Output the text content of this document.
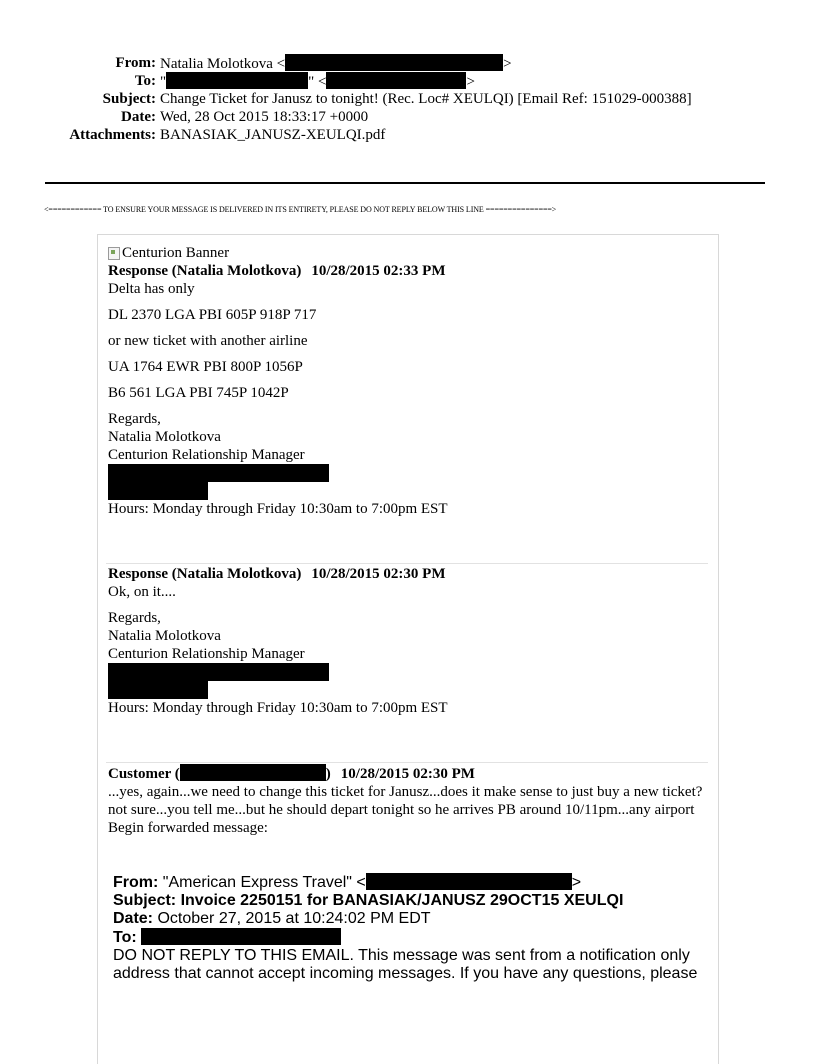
From: Natalia Molotkova <	>
To: "	" <	>
Subject: Change Ticket for Janusz to tonight! (Rec. Loc# XEULQI) [Email Ref: 151029-000388]
Date: Wed, 28 Oct 2015 18:33:17 +0000
Attachments: BANASIAK_JANUSZ-XEULQI.pdf
<============ TO ENSURE YOUR MESSAGE IS DELIVERED IN ITS ENTIRETY, PLEASE DO NOT REPLY BELOW THIS LINE ===============>
Centurion Banner
Response (Natalia Molotkova) 10/28/2015 02:33 PM

Delta has only

DL 2370 LGA PBI 605P 918P 717

or new ticket with another airline

UA 1764 EWR PBI 800P 1056P

B6 561 LGA PBI 745P 1042P

Regards,
Natalia Molotkova
Centurion Relationship Manager
Hours: Monday through Friday 10:30am to 7:00pm EST
Response (Natalia Molotkova) 10/28/2015 02:30 PM

Ok, on it....

Regards,
Natalia Molotkova
Centurion Relationship Manager
Hours: Monday through Friday 10:30am to 7:00pm EST
Customer (	) 10/28/2015 02:30 PM

...yes, again...we need to change this ticket for Janusz...does it make sense to just buy a new ticket? not sure...you tell me...but he should depart tonight so he arrives PB around 10/11pm...any airport

Begin forwarded message:

From: "American Express Travel" <	>
Subject: Invoice 2250151 for BANASIAK/JANUSZ 29OCT15 XEULQI
Date: October 27, 2015 at 10:24:02 PM EDT
To:
DO NOT REPLY TO THIS EMAIL. This message was sent from a notification only address that cannot accept incoming messages. If you have any questions, please
